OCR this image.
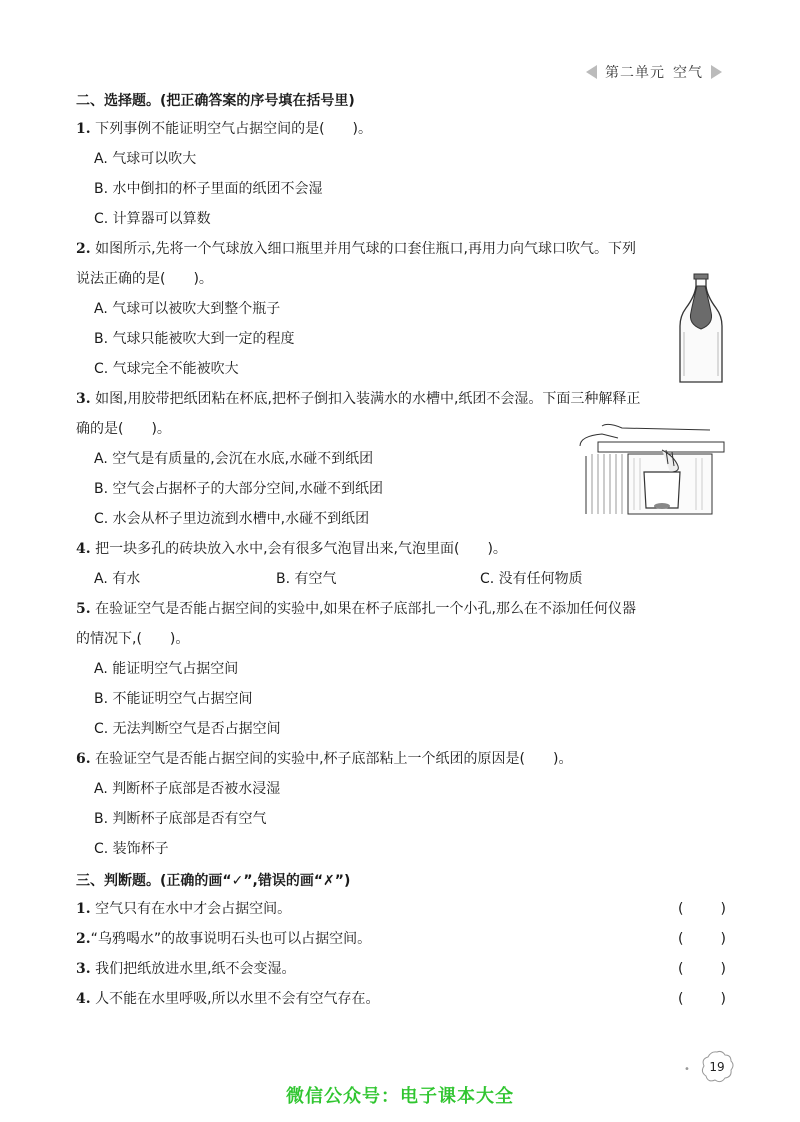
第二单元 空气
二、选择题。(把正确答案的序号填在括号里)
1. 下列事例不能证明空气占据空间的是(　　)。
A. 气球可以吹大
B. 水中倒扣的杯子里面的纸团不会湿
C. 计算器可以算数
2. 如图所示,先将一个气球放入细口瓶里并用气球的口套住瓶口,再用力向气球口吹气。下列
说法正确的是(　　)。
A. 气球可以被吹大到整个瓶子
B. 气球只能被吹大到一定的程度
C. 气球完全不能被吹大
3. 如图,用胶带把纸团粘在杯底,把杯子倒扣入装满水的水槽中,纸团不会湿。下面三种解释正
确的是(　　)。
A. 空气是有质量的,会沉在水底,水碰不到纸团
B. 空气会占据杯子的大部分空间,水碰不到纸团
C. 水会从杯子里边流到水槽中,水碰不到纸团
4. 把一块多孔的砖块放入水中,会有很多气泡冒出来,气泡里面(　　)。
A. 有水	B. 有空气	C. 没有任何物质
5. 在验证空气是否能占据空间的实验中,如果在杯子底部扎一个小孔,那么在不添加任何仪器
的情况下,(　　)。
A. 能证明空气占据空间
B. 不能证明空气占据空间
C. 无法判断空气是否占据空间
6. 在验证空气是否能占据空间的实验中,杯子底部粘上一个纸团的原因是(　　)。
A. 判断杯子底部是否被水浸湿
B. 判断杯子底部是否有空气
C. 装饰杯子
三、判断题。(正确的画“✓”,错误的画“✗”)
1. 空气只有在水中才会占据空间。	(	)
2.“乌鸦喝水”的故事说明石头也可以占据空间。	(	)
3. 我们把纸放进水里,纸不会变湿。	(	)
4. 人不能在水里呼吸,所以水里不会有空气存在。	(	)
19
•
微信公众号：电子课本大全
